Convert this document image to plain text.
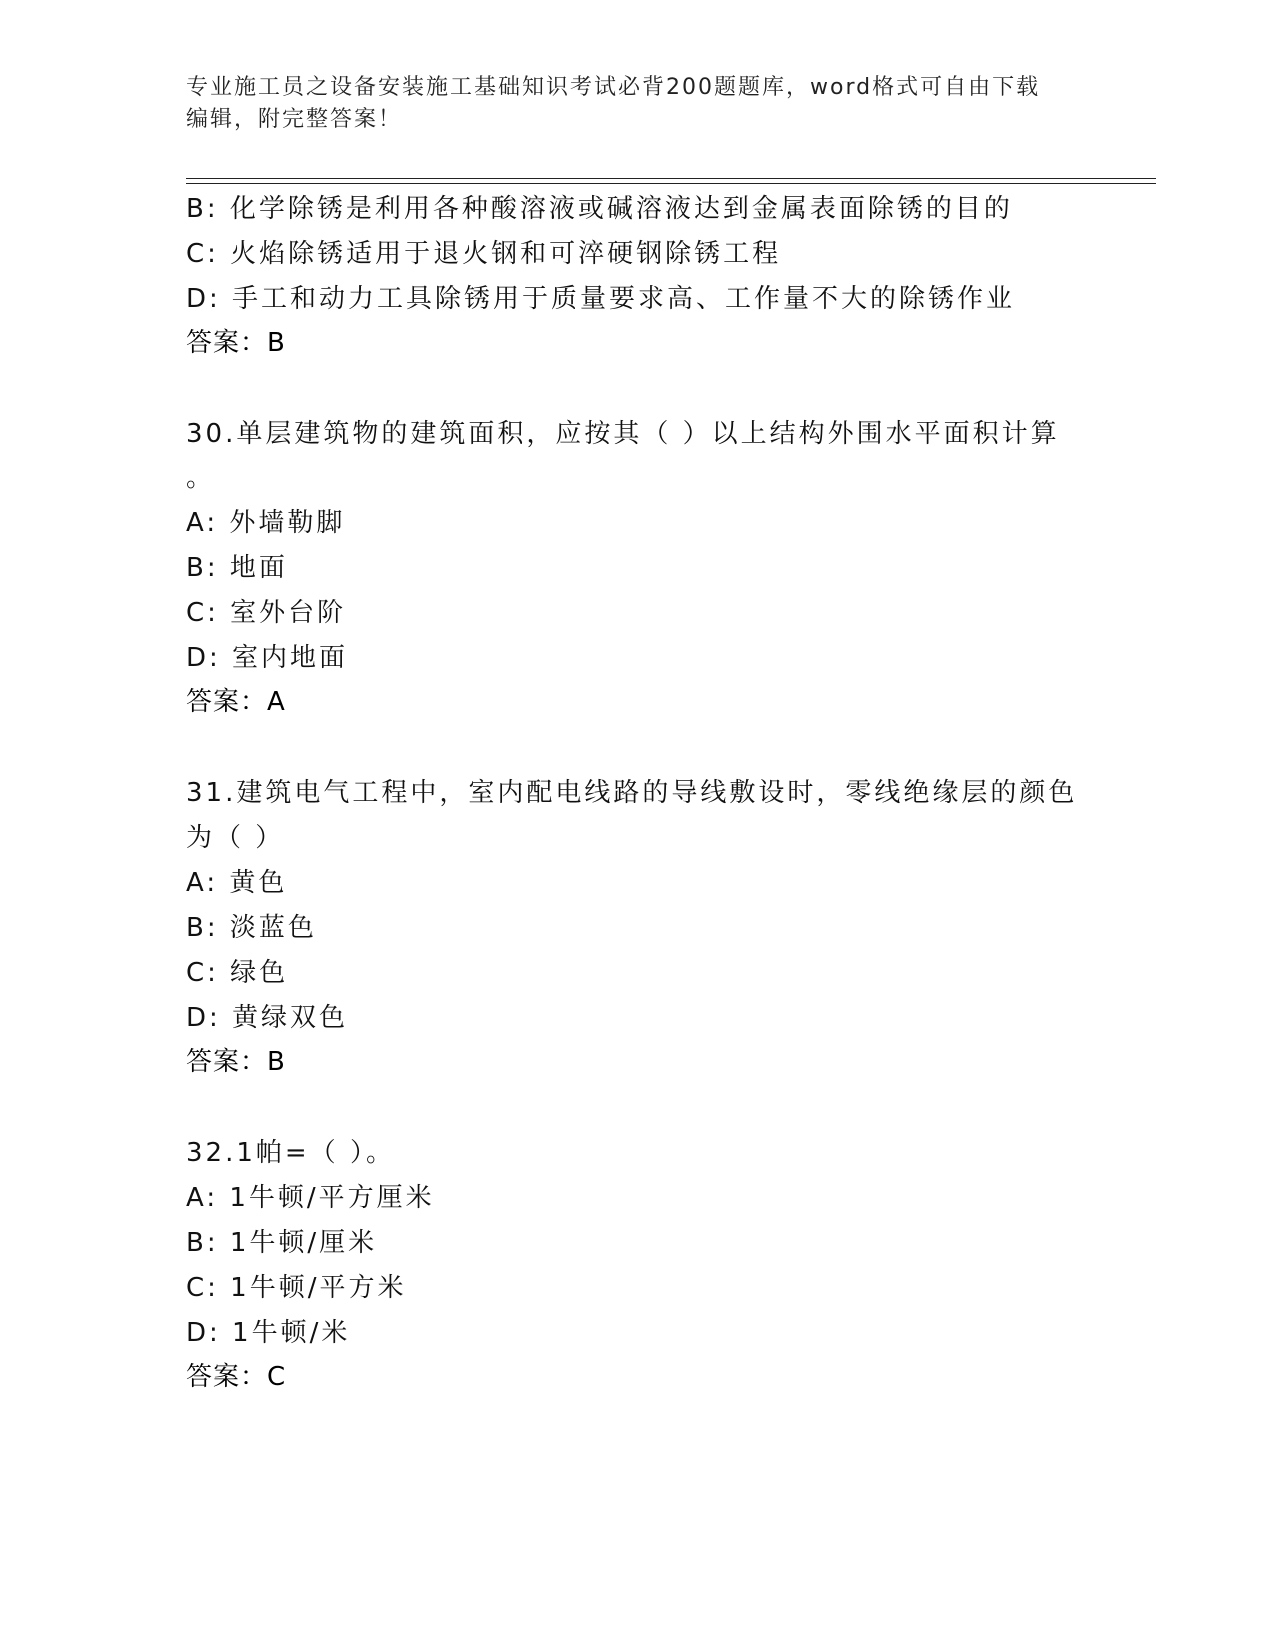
专业施工员之设备安装施工基础知识考试必背200题题库，word格式可自由下载
编辑，附完整答案！
B: 化学除锈是利用各种酸溶液或碱溶液达到金属表面除锈的目的
C: 火焰除锈适用于退火钢和可淬硬钢除锈工程
D: 手工和动力工具除锈用于质量要求高、工作量不大的除锈作业
答案：B
30.单层建筑物的建筑面积，应按其（ ）以上结构外围水平面积计算
。
A: 外墙勒脚
B: 地面
C: 室外台阶
D: 室内地面
答案：A
31.建筑电气工程中，室内配电线路的导线敷设时，零线绝缘层的颜色
为（ ）
A: 黄色
B: 淡蓝色
C: 绿色
D: 黄绿双色
答案：B
32.1帕=（ ）。
A: 1牛顿/平方厘米
B: 1牛顿/厘米
C: 1牛顿/平方米
D: 1牛顿/米
答案：C
